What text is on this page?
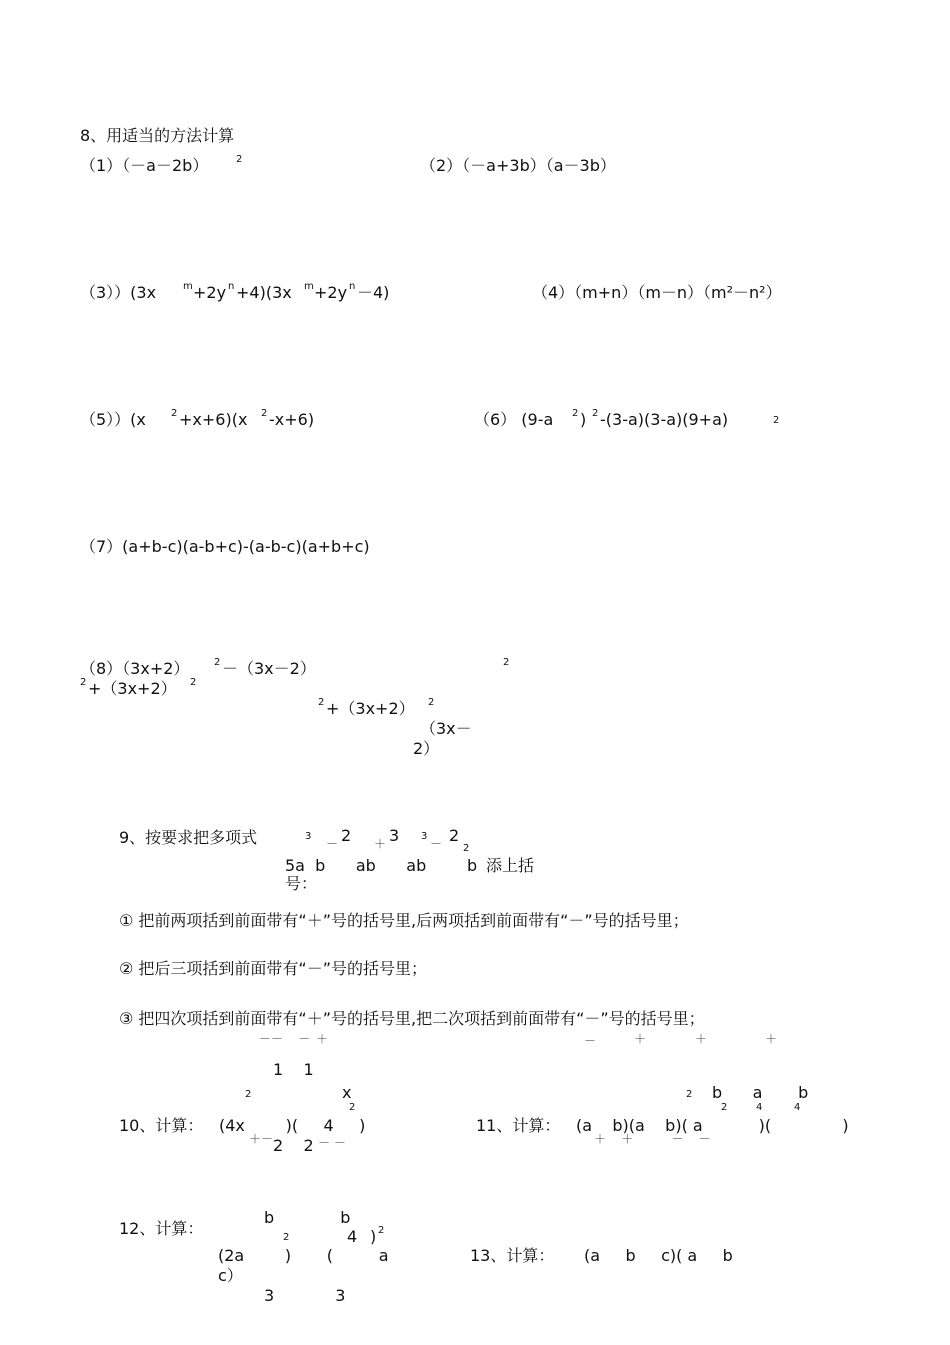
8、用适当的方法计算
（1）（－a－2b）	2	（2）（－a+3b）（a－3b）
（3））(3x	m +2y n +4)(3x m +2y n －4)	（4）（m+n）（m－n）（m²－n²）
（5））(x	2 +x+6)(x 2 -x+6)	（6） (9-a 2 ) 2 -(3-a)(3-a)(9+a)	2
（7）(a+b-c)(a-b+c)-(a-b-c)(a+b+c)
（8）（3x+2） 2 －（3x－2）	2
2 +（3x+2） 2
2 +（3x+2） 2
（3x－
2）
9、按要求把多项式	3
－ 2 ＋ 3 3
－ 2
2
5a  b      ab      ab        b 添上括
号：
① 把前两项括到前面带有“＋”号的括号里,后两项括到前面带有“－”号的括号里；
② 把后三项括到前面带有“－”号的括号里；
③ 把四次项括到前面带有“＋”号的括号里,把二次项括到前面带有“－”号的括号里；
－－    － ＋
1    1
2	x
2
10、计算： (4x        )(     4     )
＋－ 2    2 － －
－	＋	＋	＋
2 b      a       b
2	4	4
11、计算： (a    b)(a    b)( a           )(              )
＋    ＋          －    －
b             b
2	4 ) 2
12、计算：
(2a        )       (         a
c）
3            3
13、计算： (a     b     c)( a     b
